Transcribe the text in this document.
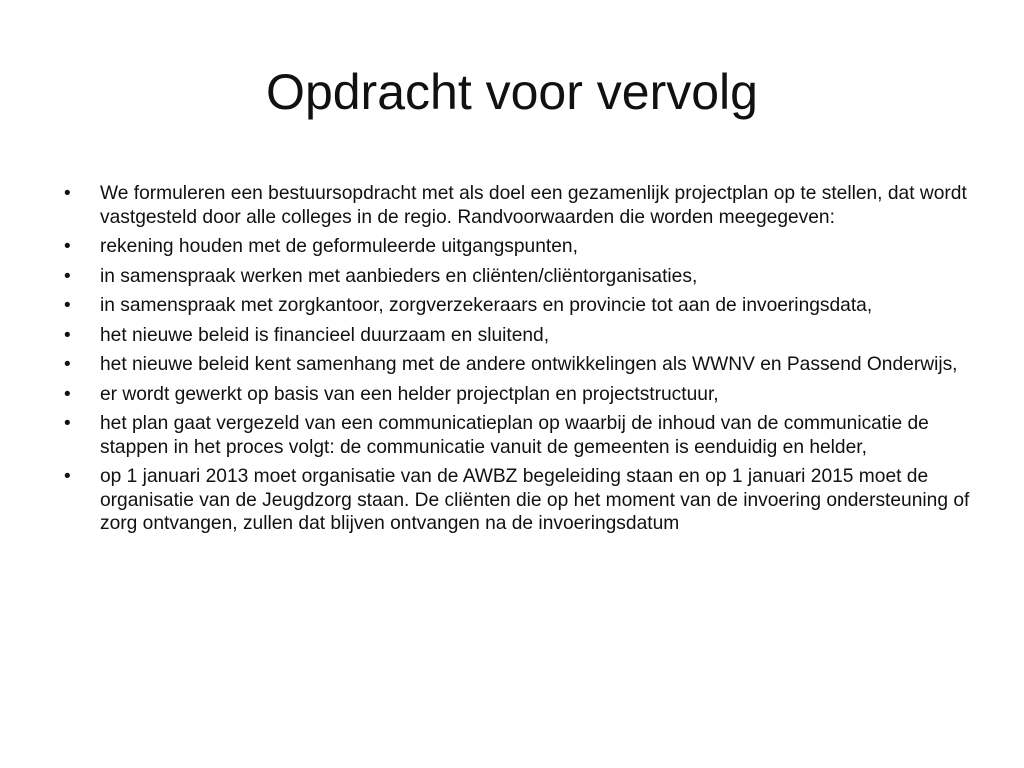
Opdracht voor vervolg
•	We formuleren een bestuursopdracht met als doel een gezamenlijk projectplan op te stellen, dat wordt vastgesteld door alle colleges in de regio. Randvoorwaarden die worden meegegeven:
•	rekening houden met de geformuleerde uitgangspunten,
•	in samenspraak werken met aanbieders en cliënten/cliëntorganisaties,
•	in samenspraak met zorgkantoor, zorgverzekeraars en provincie tot aan de invoeringsdata,
•	het nieuwe beleid is financieel duurzaam en sluitend,
•	het nieuwe beleid kent samenhang met de andere ontwikkelingen als WWNV en Passend Onderwijs,
•	er wordt gewerkt op basis van een helder projectplan en projectstructuur,
•	het plan gaat vergezeld van een communicatieplan op waarbij de inhoud van de communicatie de stappen in het proces volgt: de communicatie vanuit de gemeenten is eenduidig en helder,
•	op 1 januari 2013 moet organisatie van de AWBZ begeleiding staan en op 1 januari 2015 moet de organisatie van de Jeugdzorg staan. De cliënten die op het moment van de invoering ondersteuning of zorg ontvangen, zullen dat blijven ontvangen na de invoeringsdatum
